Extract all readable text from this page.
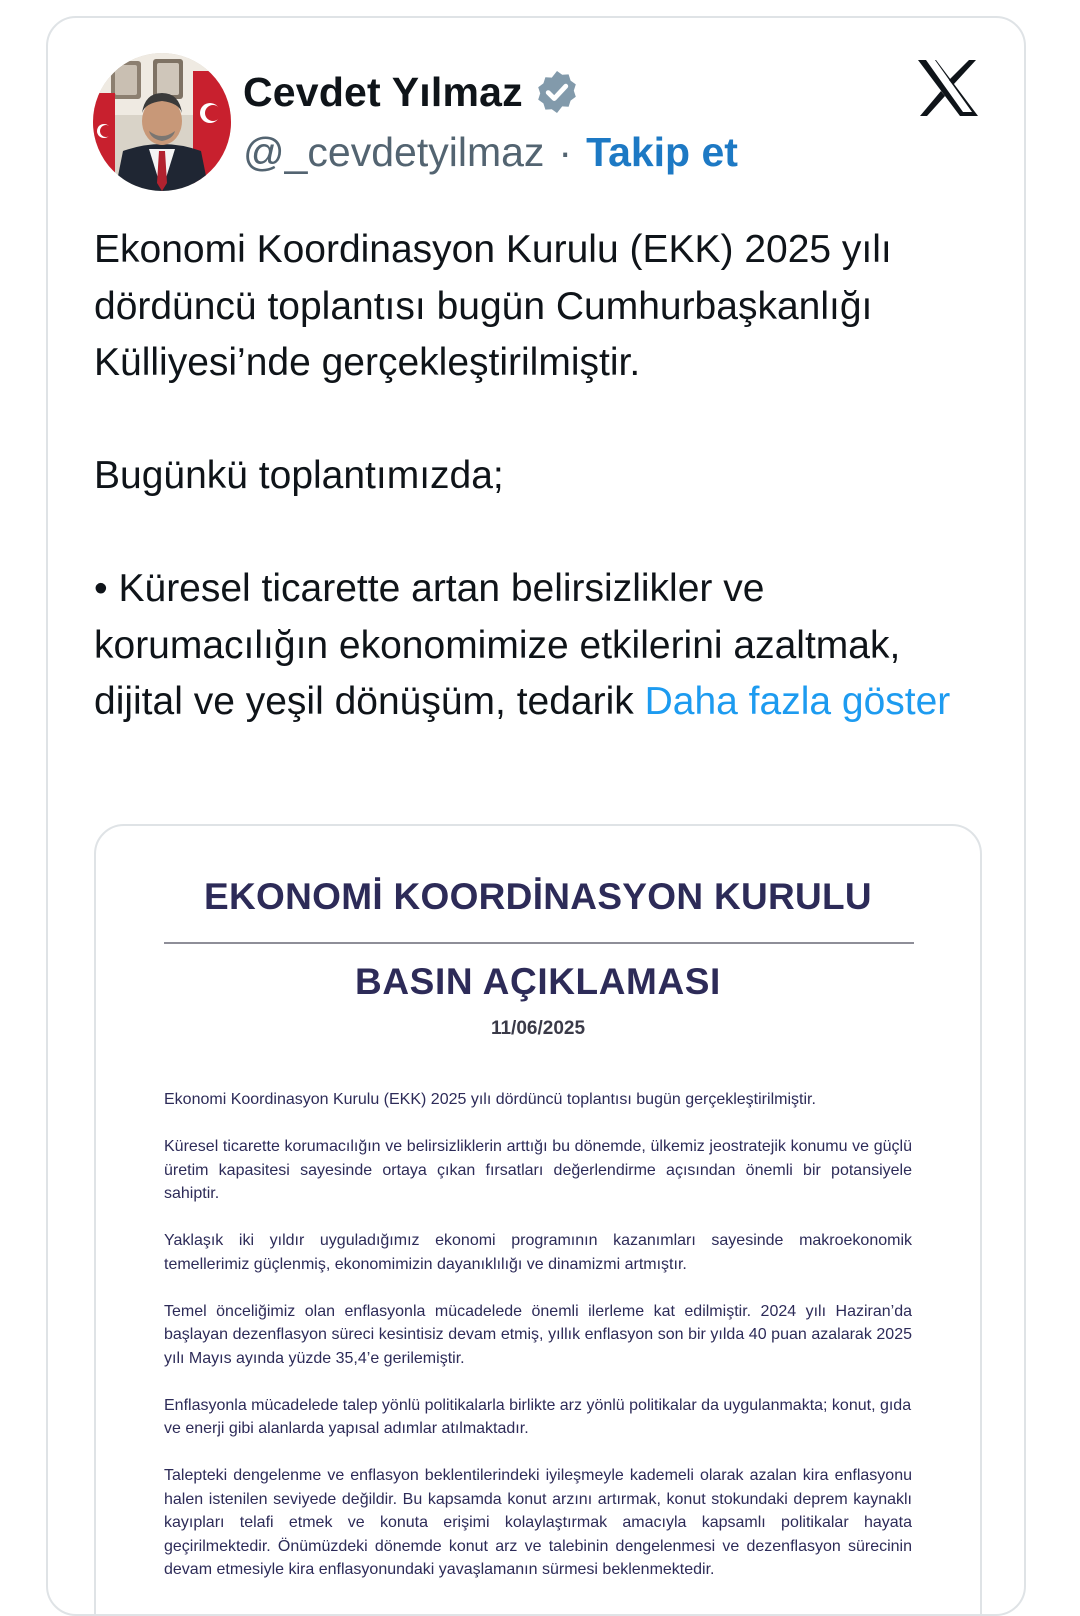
Cevdet Yılmaz
@_cevdetyilmaz · Takip et
Ekonomi Koordinasyon Kurulu (EKK) 2025 yılı dördüncü toplantısı bugün Cumhurbaşkanlığı Külliyesi’nde gerçekleştirilmiştir.

Bugünkü toplantımızda;

• Küresel ticarette artan belirsizlikler ve korumacılığın ekonomimize etkilerini azaltmak, dijital ve yeşil dönüşüm, tedarik Daha fazla göster
EKONOMİ KOORDİNASYON KURULU
BASIN AÇIKLAMASI
11/06/2025

Ekonomi Koordinasyon Kurulu (EKK) 2025 yılı dördüncü toplantısı bugün gerçekleştirilmiştir.

Küresel ticarette korumacılığın ve belirsizliklerin arttığı bu dönemde, ülkemiz jeostratejik konumu ve güçlü üretim kapasitesi sayesinde ortaya çıkan fırsatları değerlendirme açısından önemli bir potansiyele sahiptir.

Yaklaşık iki yıldır uyguladığımız ekonomi programının kazanımları sayesinde makroekonomik temellerimiz güçlenmiş, ekonomimizin dayanıklılığı ve dinamizmi artmıştır.

Temel önceliğimiz olan enflasyonla mücadelede önemli ilerleme kat edilmiştir. 2024 yılı Haziran’da başlayan dezenflasyon süreci kesintisiz devam etmiş, yıllık enflasyon son bir yılda 40 puan azalarak 2025 yılı Mayıs ayında yüzde 35,4’e gerilemiştir.

Enflasyonla mücadelede talep yönlü politikalarla birlikte arz yönlü politikalar da uygulanmakta; konut, gıda ve enerji gibi alanlarda yapısal adımlar atılmaktadır.

Talepteki dengelenme ve enflasyon beklentilerindeki iyileşmeyle kademeli olarak azalan kira enflasyonu halen istenilen seviyede değildir. Bu kapsamda konut arzını artırmak, konut stokundaki deprem kaynaklı kayıpları telafi etmek ve konuta erişimi kolaylaştırmak amacıyla kapsamlı politikalar hayata geçirilmektedir. Önümüzdeki dönemde konut arz ve talebinin dengelenmesi ve dezenflasyon sürecinin devam etmesiyle kira enflasyonundaki yavaşlamanın sürmesi beklenmektedir.
